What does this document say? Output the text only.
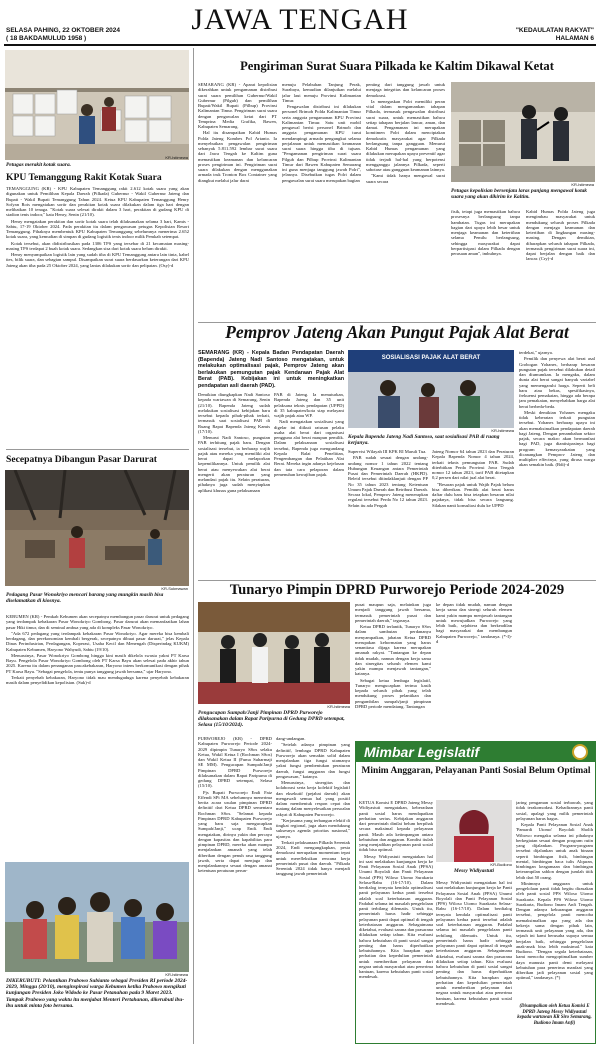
SELASA PAHING, 22 OKTOBER 2024
( 18 BAKDAMULUD 1958 )
JAWA TENGAH	"KEDAULATAN RAKYAT"
HALAMAN 6
Petugas merakit kotak suara.
KR-Istimewa
KPU Temanggung Rakit Kotak Suara

TEMANGGUNG (KR) - KPU Kabupaten Temanggung rakit 2.612 kotak suara yang akan digunakan untuk Pemilihan Kepala Daerah (Pilkada) Gubernur - Wakil Gubernur Jateng dan Bupati - Wakil Bupati Temanggung Tahun 2024. Ketua KPU Kabupaten Temanggung Henry Sofyan Rois mengatakan sortir dan perakitan kotak suara dilakukan dalam tiga hari dengan melibatkan 10 tenaga. "Kotak suara selesai dirakit dalam 3 hari, perakitan di gudang KPU di stadion tenis indoor," kata Henry, Senin (21/10).

Henry mengatakan perakitan dan sortir kotak suara telah dilaksanakan selama 3 hari, Kamis - Sabtu, 17-19 Oktober 2024. Pada perakitan itu dalam pengawasan petugas Kepolisian Resort Temanggung. Pihaknya membentuk KPU Kabupaten Temanggung sebelumnya menerima 2.652 kotak suara, yang kemudian di simpan di gudang logistik tenis indoor milik Pemkab setempat.

Kotak tersebut, akan didistribusikan pada 1306 TPS yang tersebar di 21 kecamatan masing-masing TPS terdapat 2 buah kotak suara. Sedangkan sisa dari kotak suara belum dirakit.

Henry menyampaikan logistik lain yang sudah tiba di KPU Temanggung antara lain tinta, kabel ties, bilik suara, dan sebagian sampul. Disampaikan surat suara berdasarkan keterangan dari KPU Jateng akan tiba pada 25 Oktober 2024, yang lantas dilakukan sortir dan pelipatan. (Osy)-d

Secepatnya Dibangun Pasar Darurat
KR-Sukmawan
Pedagang Pasar Wonokriyo mencari barang yang mungkin masih bisa diselamatkan di kiosnya.

KEBUMEN (KR) - Pemkab Kebumen akan secepatnya membangun pasar darurat untuk pedagang yang terdampak kebakaran Pasar Wonokriyo Gombong. Pasar darurat akan memanfaatkan lahan pasar Hiki timur, dan di seminal ambua yang ada di kompleks Pasar Wonokriyo.

"Ada 672 pedagang yang terdampak kebakaran Pasar Wonokriyo. Agar mereka bisa kembali berdagang, dan perekonomian kembali bergerak, secepatnya dibuat pasar darurat," jelas Kepala Dinas Perindustrian, Perdagangan, Koperasi, Usaha Kecil dan Menengah (Disperindag KUKM) Kabupaten Kebumen, Haryono Wahyudi, Sabtu (19/10).

Menurutnya, Pasar Wonokriyo Gombong hingga kini masih dikelola swasta yakni PT Karsa Bayu. Pengelola Pasar Wonokriyo Gombong oleh PT Karsa Bayu akan selesai pada akhir tahun 2025. Karena itu dalam penanganan pascakebakaran, Haryono intens berkomunikasi dengan pihak PT Karsa Bayu. "Sebagai pengelola, tentu punya tanggung jawab bersama," ujar Haryono.

Terkait penyebab kebakaran, Haryono tidak mau mendugaduga karena penyebab kebakaran masih dalam penyelidikan kepolisian. (Suk)-d

KR-Istimewa
DIKERUBUTI: Pelantikan Prabowo Subianto sebagai Presiden RI periode 2024-2029, Minggu (20/10), menginspirasi warga Kebumen ketika Prabowo mengikuti kunjungan Presiden Joko Widodo ke Pasar Petanahan pada 9 Maret 2023. Tampak Prabowo yang waktu itu menjabat Menteri Pertahanan, dikerubuti ibu-ibu untuk minta foto bersama.
Pengiriman Surat Suara Pilkada ke Kaltim Dikawal Ketat

SEMARANG (KR) - Aparat kepolisian dikerahkan untuk pengamanan distribusi surat suara pemilihan Gubernur/Wakil Gubernur (Pilgub) dan pemilihan Bupati/Wakil Bupati (Pilbup) Provinsi Kalimantan Timur. Pengiriman surat suara dengan pengawalan ketat dari PT Temprina Media Grafika, Bawen, Kabupaten Semarang.

Hal itu disampaikan Kabid Humas Polda Jateng Kombes Pol Artanto. Ia menyebutkan pengawalan pengiriman sebanyak 5.811.592 lembar surat suara dari Jawa Tengah ke Kaltim guna memastikan keamanan dan kelancaran proses pengiriman ini. Pengiriman surat suara dilakukan dengan menggunakan armada truk Tronton Box Container yang diangkut melalui jalur darat

menuju Pelabuhan Tanjung Perak, Surabaya, kemudian dilanjutkan melalui jalur laut menuju Provinsi Kalimantan Timur.

Pengawalan distribusi ini dilakukan personel Brimob Polda Kalimantan Timur serta anggota pengamanan KPU Provinsi Kalimantan Timur. Satu unit mobil pengawal berisi personel Brimob dan anggota pengamanan KPU turut mendampingi armada pengangkut selama perjalanan untuk memastikan keamanan surat suara hingga tiba di tujuan. "Pengamanan pengiriman surat suara Pilgub dan Pilbup Provinsi Kalimantan Timur dari Bawen Kabupaten Semarang ini guna menjaga tanggung jawab Polri", jelasnya. Disebutkan tugas Polri dalam pengawalan surat suara merupakan bagian

penting dari tanggung jawab untuk menjaga integritas dan kelancaran proses demokrasi.

Ia menegaskan Polri memiliki peran vital dalam mengamankan tahapan Pilkada, termasuk pengawalan distribusi surat suara, untuk memastikan bahwa setiap tahapan berjalan lancar, aman, dan damai. Pengamanan ini merupakan komitmen Polri dalam menciptakan demokratis masyarakat agar Pilkada berlangsung tanpa gangguan. Menurut Kabid Humas pengamanan yang dilakukan merupakan upaya preventif agar tidak terjadi hal-hal yang berpotensi mengganggu jalannya Pilkada, seperti sabotase atau gangguan keamanan lainnya.

"Kami tidak hanya mengawal surat suara secara

KR-Istimewa
Petugas kepolisian bersenjata laras panjang mengawal kotak suara yang akan dikirim ke Kaltim.

fisik, tetapi juga memastikan bahwa prosesnya berlangsung tanpa hambatan. Tugas ini merupakan bagian dari upaya lebih besar untuk menjaga keamanan dan ketertiban selama Pemilu berlangsung, sehingga masyarakat dapat berpartisipasi dalam Pilkada dengan perasaan aman", imbuhnya.

Kabid Humas Polda Jateng juga mengimbau masyarakat untuk mendukung seluruh proses Pilkada dengan menjaga keamanan dan ketertiban di lingkungan masing-masing. Dengan demikian, diharapkan seluruh tahapan Pilkada, termasuk pengiriman surat suara ini, dapat berjalan dengan baik dan lancar. (Cry)-d

Pemprov Jateng Akan Pungut Pajak Alat Berat

SEMARANG (KR) - Kepala Badan Pendapatan Daerah (Bapenda) Jateng Nadi Santoso mengatakan, untuk melakukan optimalisasi pajak, Pemprov Jateng akan berlakukan pemungutan pajak Kendaraan Pajak Alat Berat (PAB). Kebijakan ini untuk meningkatkan pendapatan asli daerah (PAD).

SOSIALISASI PAJAK ALAT BERAT
KR-Istimewa
Kepala Bapenda Jateng Nadi Santoso, saat sosialisasi PAB di ruang kerjanya.

Demikian diungkapkan Nadi Santoso kepada wartawan di Semarang, Senin (21/10). Bapenda Jateng sudah melakukan sosialisasi kebijakan baru tersebut kepada pihak-pihak terkait, termasuk saat sosialisasi PAB di Ruang Rapat Bapenda Jateng Kamis (17/10).

Menurut Nadi Santoso, pungutan PAB terhitung pajak baru. Dengan sosialisasi tersebut, ia berharap wajib pajak atau mereka yang memiliki alat berat dapat melaporkan kepemilikannya. Untuk pemilik alat berat atau menyewakan alat berat mengerti akan peraturan yang melandasi pajak itu. Selain peraturan, pihaknya juga sudah menyiapkan aplikasi khusus guna pelaksanaan

PAB di Jateng. Ia menuturkan, Bapenda Jateng dan 35 unit pelaksana teknis pendapatan (UPPD) di 35 kabupaten/kota siap melayani wajib pajak atau WP.

Nadi mengatakan sosialisasi yang digelar ini diikuti ratusan pelaku usaha alat berat dari organisasi pengguna alat berat maupun pemilik. Dalam pelaksanaan sosialisasi tersebut, Bapenda juga mengundang Kepala Balai Penelitian, Pengembangan dan Pelatihan Alat Berat. Mereka ingin adanya kejelasan dan tata cara pelaporan dalam pemenuhan kewajiban pajak.

Supervisi Wilayah III KPK RI Maruli Tua.

PAB sudah sesuai dengan undang-undang nomor 1 tahun 2022 tentang Hubungan Keuangan antara Pemerintah Pusat dan Pemerintah Daerah (HKPD). Beleid tersebut ditindaklanjuti dengan PP No 35 tahun 2023 tentang Ketentuan Umum Pajak Daerah dan Retribusi Daerah. Secara lokal, Pemprov Jateng menerapkan regulasi tersebut Perda No 12 tahun 2023. Selain itu ada Pergub

Jateng Nomor 64 tahun 2023 dan Peraturan Kepala Bapenda Nomor 4 tahun 2024, terkait teknis pemungutan PAB. Sudah diterbitkan Perda Provinsi Jawa Tengah nomor 12 tahun 2023, tarif PAB ditetapkan 0,2 persen dari nilai jual alat berat.

"Besaran pajak untuk Wajib Pajak belum bisa diberikan. Pemilik alat berat harus daftar dulu baru bisa tetapkan besaran nilai pajaknya, tidak bisa secara langsung. Silakan nanti konsultasi dulu ke UPPD

terdekat," ujarnya.

Pemilik dan penyewa alat berat asal Grobogan Yohanes, berharap besaran pungutan pajak tersebut dilakukan detail dan diumumkan. Ia mengaku, dalam dunia alat berat sangat banyak variabel yang memengaruhi harga. Seperti beli baru atau bekas, spesifikasinya, frekuensi pemakaian, hingga ada berapa jam pemakaian, menyebabkan harga alat berat berbeda-beda.

Meski demikian Yohanes mengaku tidak keberatan terkait pungutan tersebut. Yohanes berharap upaya ini akan memaksimalkan pendapatan daerah bagi Jateng. Dengan penambahan sektor pajak, secara makro akan bermanfaat bagi PAD, juga diantisipasinya bagi program kemasyarakatan yang dicanangkan Pemprov Jateng dan multiplier effectnya, yang dirasa warga akan semakin baik. (Bdi)-d

Tunaryo Pimpin DPRD Purworejo Periode 2024-2029
KR-Istimewa
Pengucapan Sumpah/Janji Pimpinan DPRD Purworejo dilaksanakan dalam Rapat Paripurna di Gedung DPRD setempat, Selasa (15/10/2024).

PURWOREJO (KR) - DPRD Kabupaten Purworejo Periode 2024-2029 dipimpin Tunaryo SSos selaku Ketua, Wakil Ketua I (Rochman SSos) dan Wakil Ketua II (Fuma Suharmaji SE MM). Pengucapan Sumpah/Janji Pimpinan DPRD Purworejo dilaksanakan dalam Rapat Paripurna di gedung DPRD setempat, Selasa (15/10).

Pjs Bupati Purworejo Endi Faiz Effendi SPi MA sebelumnya menerima berita acara usulan pimpinan DPRD definitif dari Ketua DPRD sementara Rochman SSos. "Selamat kepada Pimpinan DPRD Kabupaten Purworejo yang baru saja mengucapkan Sumpah/Janji," ucap Endi. Endi mengatakan, dirinya yakin dan percaya dengan kapasitas dan kapabilitas para pimpinan DPRD, mereka akan mampu menjalankan amanah yang telah diberikan dengan penuh rasa tanggung jawab, serta dapat menjaga dan menjalankannya sesuai dengan amanat ketentuan peraturan perun-

dang-undangan.

"Setelah adanya pimpinan yang definitif, lembaga DPRD Kabupaten Purworejo akan semakin solid dalam menjalankan tiga fungsi utamanya yakni fungsi pembentukan peraturan daerah, fungsi anggaran dan fungsi pengawasan," katanya.

Menurutnya, sinergitas dan kolaborasi serta kerja kolektif legislatif dan eksekutif (pejabat daerah) akan mengawali semua hal yang positif dalam membentuk respon cepat dan matang dalam menyelesaikan persoalan rakyat di Kabupaten Purworejo.

"Kerjasama yang terbangun efektif di tingkat regional, juga akan mendukung suksesnya agenda prioritas nasional," ujarnya.

Terkait pelaksanaan Pilkada Serentak 2024, Endi mengungkapkan, pesta demokrasi merupakan momentum tepat untuk merefleksikan rencana kerja pemerintah pusat dan daerah. "Pilkada Serentak 2024 tidak hanya menjadi tanggung jawab pemerintah

pusat maupun saja, melainkan juga menjadi tanggung jawab bersama, termasuk pemerintah pusat dan pemerintah daerah," tegasnya.

Ketua DPRD terlantik, Tunaryo SSos dalam sambutan perdananya menyampaikan, jabatan Ketua DPRD merupakan kehormatan yang harus senantiasa dijaga karena merupakan amanah rakyat. "Tantangan ke depan tidak mudah, namun dengan kerja sama dan sinergitas seluruh elemen kami yakin mampu menjawab tantangan," katanya.

Sebagai ketua lembaga legislatif, Tunaryo mengucapkan terima kasih kepada seluruh pihak yang telah mendukung proses pelantikan dan pengambilan sumpah/janji pimpinan DPRD periode mendatang. Tantangan

ke depan tidak mudah, namun dengan kerja sama dan sinergi seluruh elemen kami yakin mampu menjawab tantangan untuk mewujudkan Purworejo yang lebih baik, sejahtera dan berkeadilan bagi masyarakat dan membangun Kabupaten Purworejo," tandasnya. (*-I)-d

Mimbar Legislatif
Minim Anggaran, Pelayanan Panti Sosial Belum Optimal
KR-Budiono
Messy Widiyastuti

KETUA Komisi E DPRD Jateng Messy Widiyastuti mengatakan, keberadaan panti sosial harus mendapatkan perhatian serius. Kebijakan anggaran dari pemerintah dinilai belum berpihak secara maksimal kepada pelayanan panti. Masih ada ketimpangan antara kebutuhan dan anggaran. Kondisi itulah yang menjadikan pelayanan panti sosial tidak bisa optimal.

Messy Widiyastuti mengatakan hal ini saat melakukan kunjungan kerja ke Panti Pelayanan Sosial Anak (PPSA) Unumi Boyolali dan Panti Pelayanan Sosial (PPS) Wiloso Utomo Surakarta Selasa-Rabu (16-17/10). Dalam berdialog ternyata kendala optimalisasi panti pelayanan kedua panti tersebut adalah soal keterbatasan anggaran. Padahal selama ini masalah pengelolaan panti terbilang dilematis. Untuk itu, pemerintah harus hadir sehingga pelayanan panti dapat optimal di tengah keterbatasan anggaran. Sebagaimana diketahui, evaluasi sarana dan prasarana dilakukan setiap tahun. Kita evaluasi bahwa kebutuhan di panti sosial sangat penting dan harus diperhatikan kebutuhannya. Kita harapkan agar perhatian dan kepedulian pemerintah untuk memberikan pelayanan dari negara untuk masyarakat atau penerima bantuan, karena kebutuhan panti sosial mendesak.

jaring pengaman sosial terbawah, yang tidak terakomodasi. Kehadirannya panti sosial, apalagi yang milik pemerintah pelayanan harus bagus.

Kepala Panti Pelayanan Sosial Anak 'Pamardi Utomo' Boyolali Sholih Wibowo mengaku selama ini pihaknya berkegiatan sesuai dengan program rutin yang dijalankan. Program-program tersebut dijalankan untuk anak binaan seperti bimbingan fisik, bimbingan mental, bimbingan baca tulis Alquran, bimbingan keagamaan dan bimbingan keterampilan sablon dengan jumlah titik lebih dari 50 orang.

Minimnya anggaran untuk pengelolaan panti tidak begitu dirasakan oleh panti sosial PPS Wiloso Utomo Surakarta. Kepala PPS Wiloso Utomo Surakarta, Budiono Imam Anfi Tengah. Dengan adanya kekurangan anggaran tersebut, pengelola panti mencoba memaksimalkan apa yang ada dan bekerja sama dengan pihak lain, termasuk unit pelayanan yang ada, dan sejauh ini kami berusaha supaya semua berjalan baik, sehingga pengelolaan anak-anak bisa lebih maksimal." kata Budiono. "Dengan segala keterbatasan, kami mencoba mengoptimalkan sumber daya manusia panti demi melayani kebutuhan para penerima manfaat yang diberikan jadi pelayanan sosial yang optimal," tandasnya. (*)

Messy Widiyastuti mengatakan hal ini saat melakukan kunjungan kerja ke Panti Pelayanan Sosial Anak (PPSA) Unumi Boyolali dan Panti Pelayanan Sosial (PPS) Wiloso Utomo Surakarta Selasa-Rabu (16-17/10). Dalam berdialog ternyata kendala optimalisasi panti pelayanan kedua panti tersebut adalah soal keterbatasan anggaran. Padahal selama ini masalah pengelolaan panti terbilang dilematis. Untuk itu, pemerintah harus hadir sehingga pelayanan panti dapat optimal di tengah keterbatasan anggaran. Sebagaimana diketahui, evaluasi sarana dan prasarana dilakukan setiap tahun. Kita evaluasi bahwa kebutuhan di panti sosial sangat penting dan harus diperhatikan kebutuhannya. Kita harapkan agar perhatian dan kepedulian pemerintah untuk memberikan pelayanan dari negara untuk masyarakat atau penerima bantuan, karena kebutuhan panti sosial mendesak.

(Disampaikan oleh Ketua Komisi E DPRD Jateng Messy Widiyastuti kepada wartawan KR Siro Semarang, Budiono Imam Anfi)
